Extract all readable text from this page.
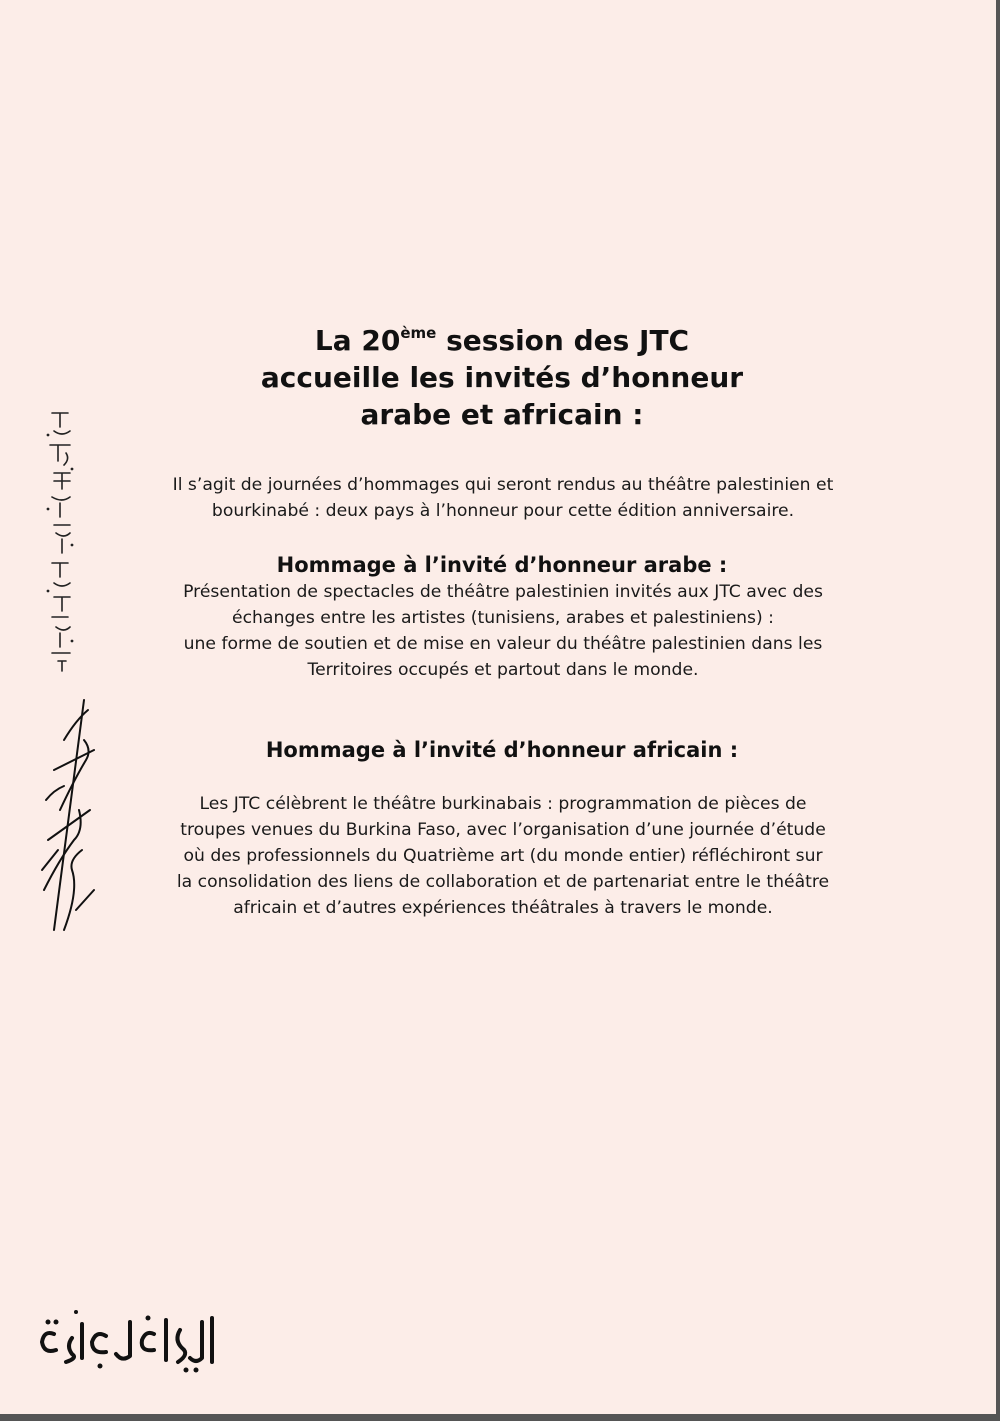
La 20ème session des JTC
accueille les invités d’honneur
arabe et africain :
Il s’agit de journées d’hommages qui seront rendus au théâtre palestinien et
bourkinabé : deux pays à l’honneur pour cette édition anniversaire.
Hommage à l’invité d’honneur arabe :
Présentation de spectacles de théâtre palestinien invités aux JTC avec des
échanges entre les artistes (tunisiens, arabes et palestiniens) :
une forme de soutien et de mise en valeur du théâtre palestinien dans les
Territoires occupés et partout dans le monde.
Hommage à l’invité d’honneur africain :
Les JTC célèbrent le théâtre burkinabais : programmation de pièces de
troupes venues du Burkina Faso, avec l’organisation d’une journée d’étude
où des professionnels du Quatrième art (du monde entier) réfléchiront sur
la consolidation des liens de collaboration et de partenariat entre le théâtre
africain et d’autres expériences théâtrales à travers le monde.
